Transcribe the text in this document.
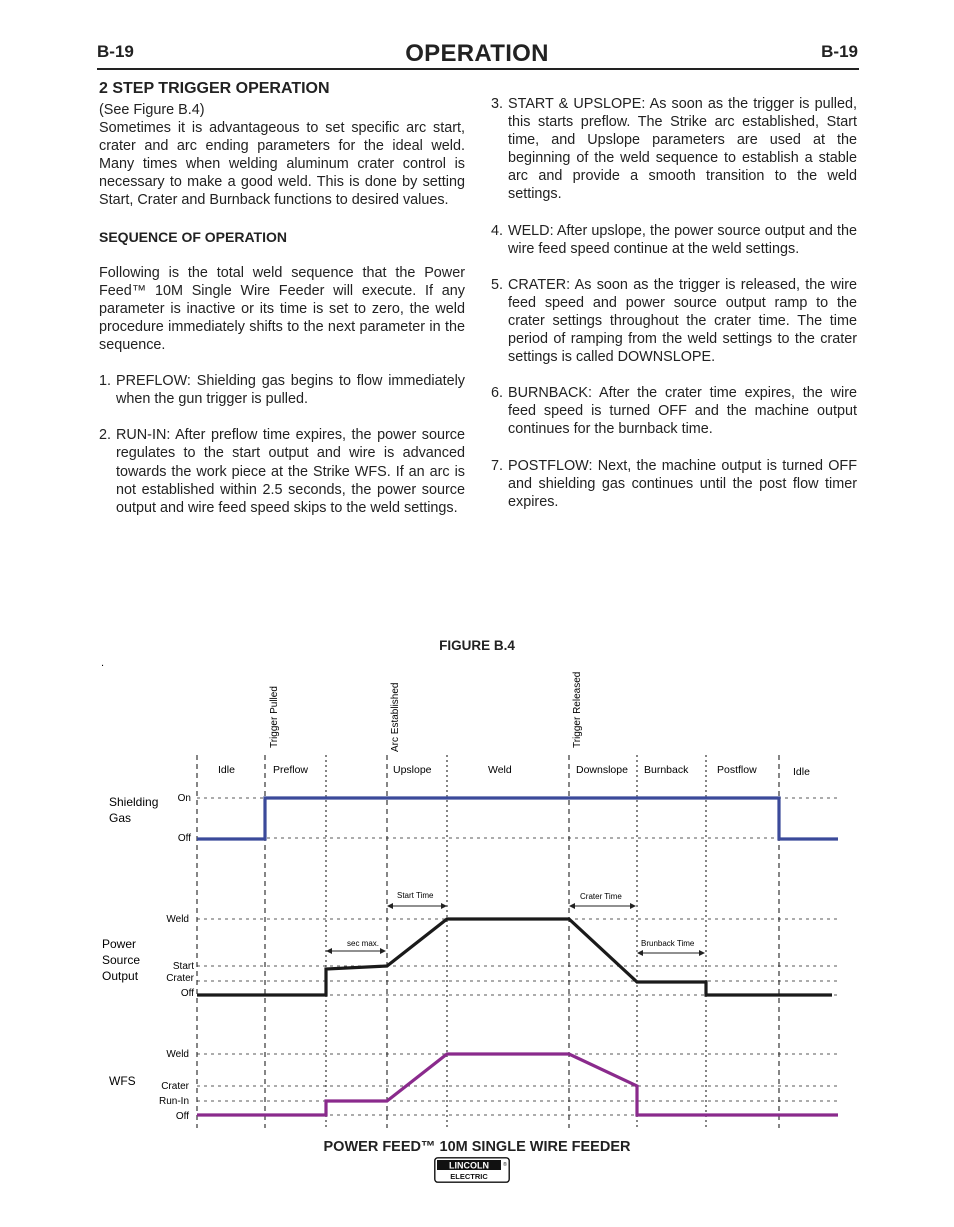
B-19	B-19
OPERATION
2 STEP TRIGGER OPERATION

(See Figure B.4)

Sometimes it is advantageous to set specific arc start, crater and arc ending parameters for the ideal weld. Many times when welding aluminum crater control is necessary to make a good weld. This is done by setting Start, Crater and Burnback functions to desired values.

SEQUENCE OF OPERATION

Following is the total weld sequence that the Power Feed™ 10M Single Wire Feeder will execute. If any parameter is inactive or its time is set to zero, the weld procedure immediately shifts to the next parameter in the sequence.

1. PREFLOW: Shielding gas begins to flow immediately when the gun trigger is pulled.
2. RUN-IN: After preflow time expires, the power source regulates to the start output and wire is advanced towards the work piece at the Strike WFS. If an arc is not established within 2.5 seconds, the power source output and wire feed speed skips to the weld settings.
3. START & UPSLOPE: As soon as the trigger is pulled, this starts preflow. The Strike arc established, Start time, and Upslope parameters are used at the beginning of the weld sequence to establish a stable arc and provide a smooth transition to the weld settings.
4. WELD: After upslope, the power source output and the wire feed speed continue at the weld settings.
5. CRATER: As soon as the trigger is released, the wire feed speed and power source output ramp to the crater settings throughout the crater time. The time period of ramping from the weld settings to the crater settings is called DOWNSLOPE.
6. BURNBACK: After the crater time expires, the wire feed speed is turned OFF and the machine output continues for the burnback time.
7. POSTFLOW: Next, the machine output is turned OFF and shielding gas continues until the post flow timer expires.
FIGURE B.4
.
Trigger Pulled	Arc Established	Trigger Released
Idle	Preflow	Upslope	Weld	Downslope Burnback	Postflow	Idle
Shielding
Gas
On
Off
Power
Source
Output
Weld
Start
Crater
Off
WFS
Weld
Crater
Run-In
Off
Start Time	Crater Time
sec max.	Brunback Time
POWER FEED™ 10M SINGLE WIRE FEEDER
LINCOLN	®
ELECTRIC
